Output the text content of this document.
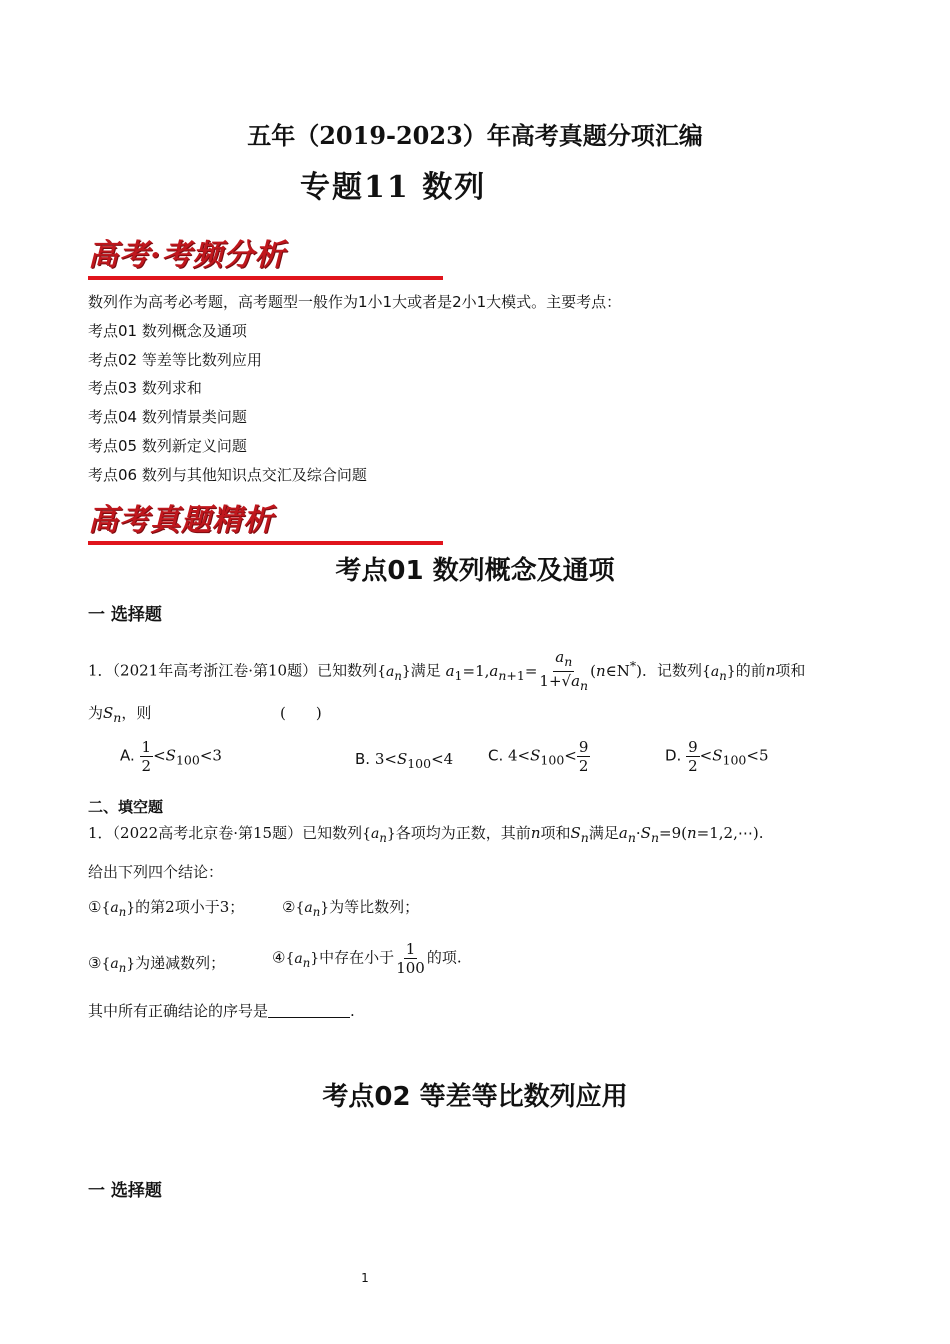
五年（2019-2023）年高考真题分项汇编
专题11 数列
高考·考频分析
数列作为高考必考题，高考题型一般作为1小1大或者是2小1大模式。主要考点：
考点01 数列概念及通项
考点02 等差等比数列应用
考点03 数列求和
考点04 数列情景类问题
考点05 数列新定义问题
考点06 数列与其他知识点交汇及综合问题
高考真题精析
考点01 数列概念及通项
一 选择题
1．（2021年高考浙江卷·第10题）已知数列$\{a_n\}$满足 $a_1=1,a_{n+1}= \frac{a_n}{1+√a_n}$ (n∈N*)．记数列$\{a_n\}$的前n项和
为$S_n$，则	(　　)
A. $\frac{1}{2} <S_{100}<3$	B. $3<S_{100}<4$ C. $4<S_{100}< \frac{9}{2}$	D. $\frac{9}{2} <S_{100}<5$
二、填空题
1．（2022高考北京卷·第15题）已知数列$\{a_n\}$各项均为正数，其前n项和$S_n$满足$a_n\cdot S_n=9(n=1,2,\cdots)$.
给出下列四个结论：
$①\{a_n\}$的第2项小于3；	$②\{a_n\}$为等比数列；
$③\{a_n\}$为递减数列；	$④\{a_n\}$中存在小于 $\frac{1}{100}$ 的项.
其中所有正确结论的序号是	.
考点02 等差等比数列应用
一 选择题
1
